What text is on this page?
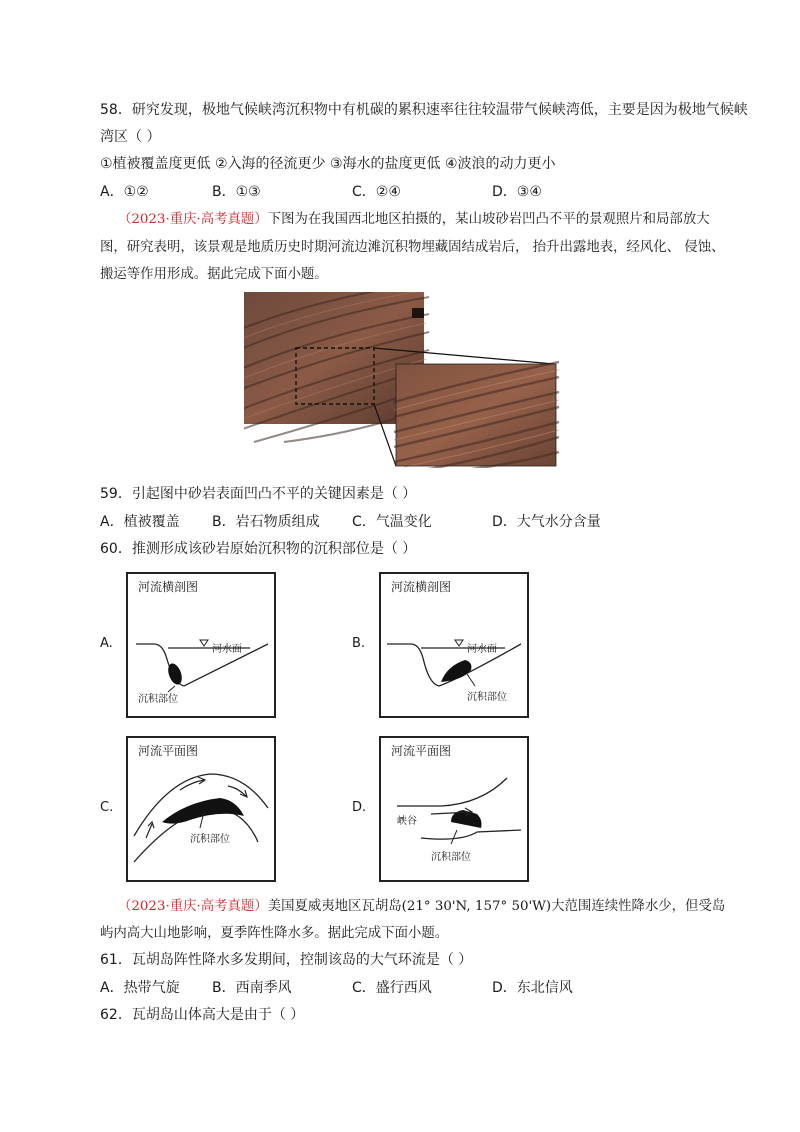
58．研究发现，极地气候峡湾沉积物中有机碳的累积速率往往较温带气候峡湾低，主要是因为极地气候峡
湾区（ ）
①植被覆盖度更低 ②入海的径流更少 ③海水的盐度更低 ④波浪的动力更小
A．①②	B．①③	C．②④	D．③④
（2023·重庆·高考真题）下图为在我国西北地区拍摄的，某山坡砂岩凹凸不平的景观照片和局部放大
图，研究表明，该景观是地质历史时期河流边滩沉积物埋藏固结成岩后， 抬升出露地表，经风化、 侵蚀、
搬运等作用形成。据此完成下面小题。
59．引起图中砂岩表面凹凸不平的关键因素是（ ）
A．植被覆盖 B．岩石物质组成 C．气温变化	D．大气水分含量
60．推测形成该砂岩原始沉积物的沉积部位是（ ）
A.
河流横剖图
河水面
沉积部位
B.
河流横剖图
河水面
沉积部位
C.
河流平面图
沉积部位
D.
河流平面图
峡谷
沉积部位
（2023·重庆·高考真题）美国夏威夷地区瓦胡岛(21° 30'N, 157° 50'W)大范围连续性降水少，但受岛
屿内高大山地影响，夏季阵性降水多。据此完成下面小题。
61．瓦胡岛阵性降水多发期间，控制该岛的大气环流是（ ）
A．热带气旋 B．西南季风	C．盛行西风	D．东北信风
62．瓦胡岛山体高大是由于（ ）
